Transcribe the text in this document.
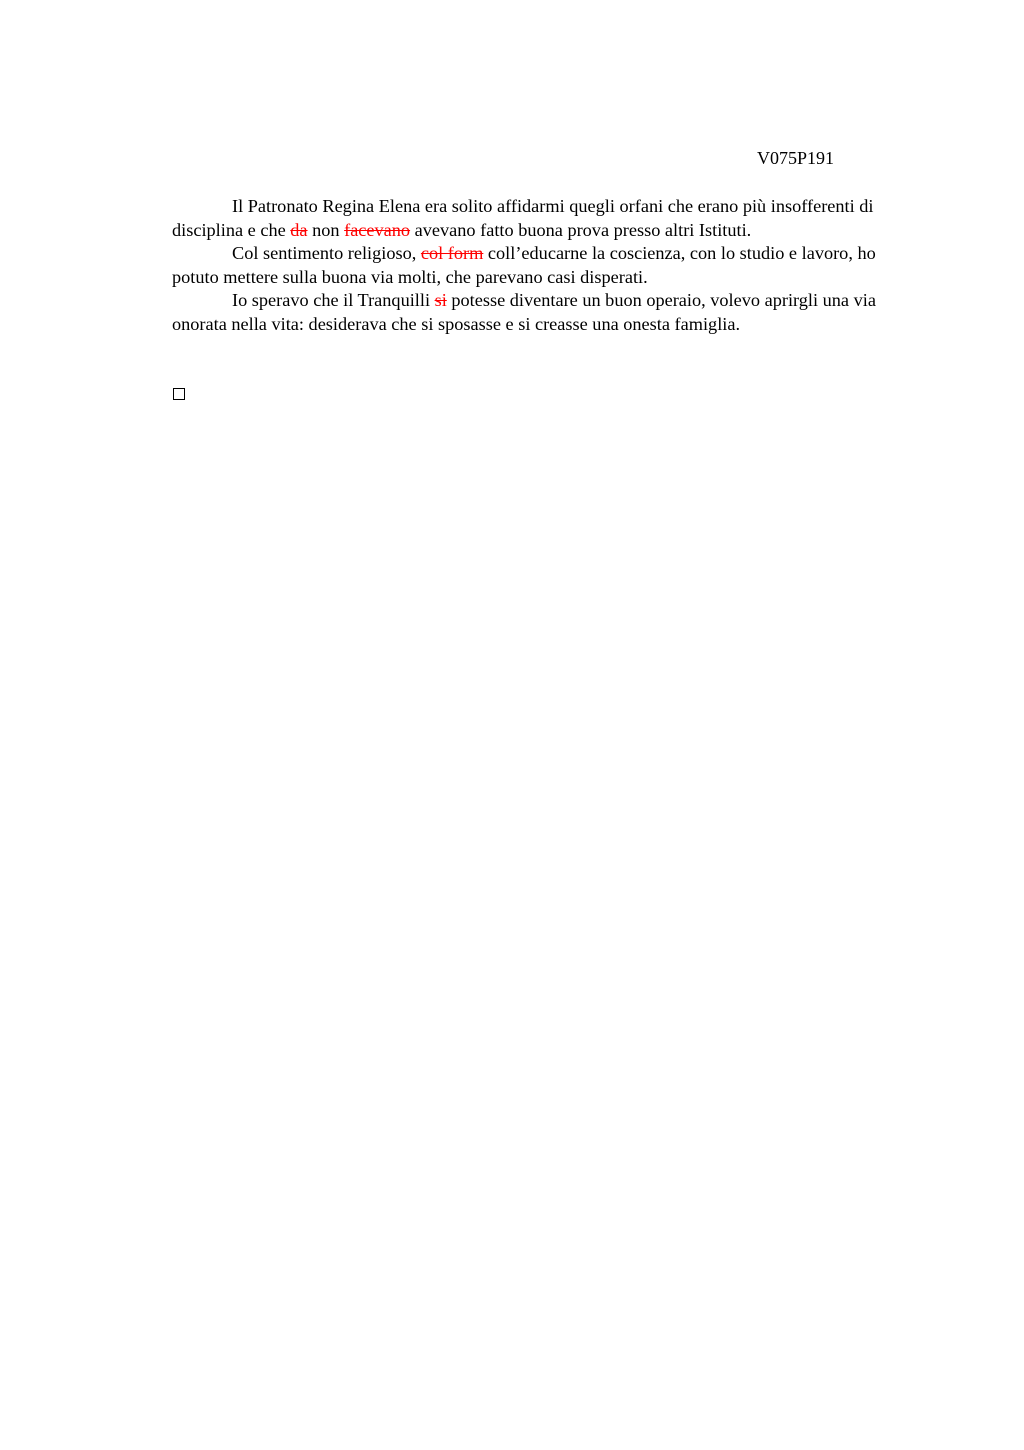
V075P191

Il Patronato Regina Elena era solito affidarmi quegli orfani che erano più insofferenti di disciplina e che da non facevano avevano fatto buona prova presso altri Istituti.

Col sentimento religioso, col form coll’educarne la coscienza, con lo studio e lavoro, ho potuto mettere sulla buona via molti, che parevano casi disperati.

Io speravo che il Tranquilli si potesse diventare un buon operaio, volevo aprirgli una via onorata nella vita: desiderava che si sposasse e si creasse una onesta famiglia.
